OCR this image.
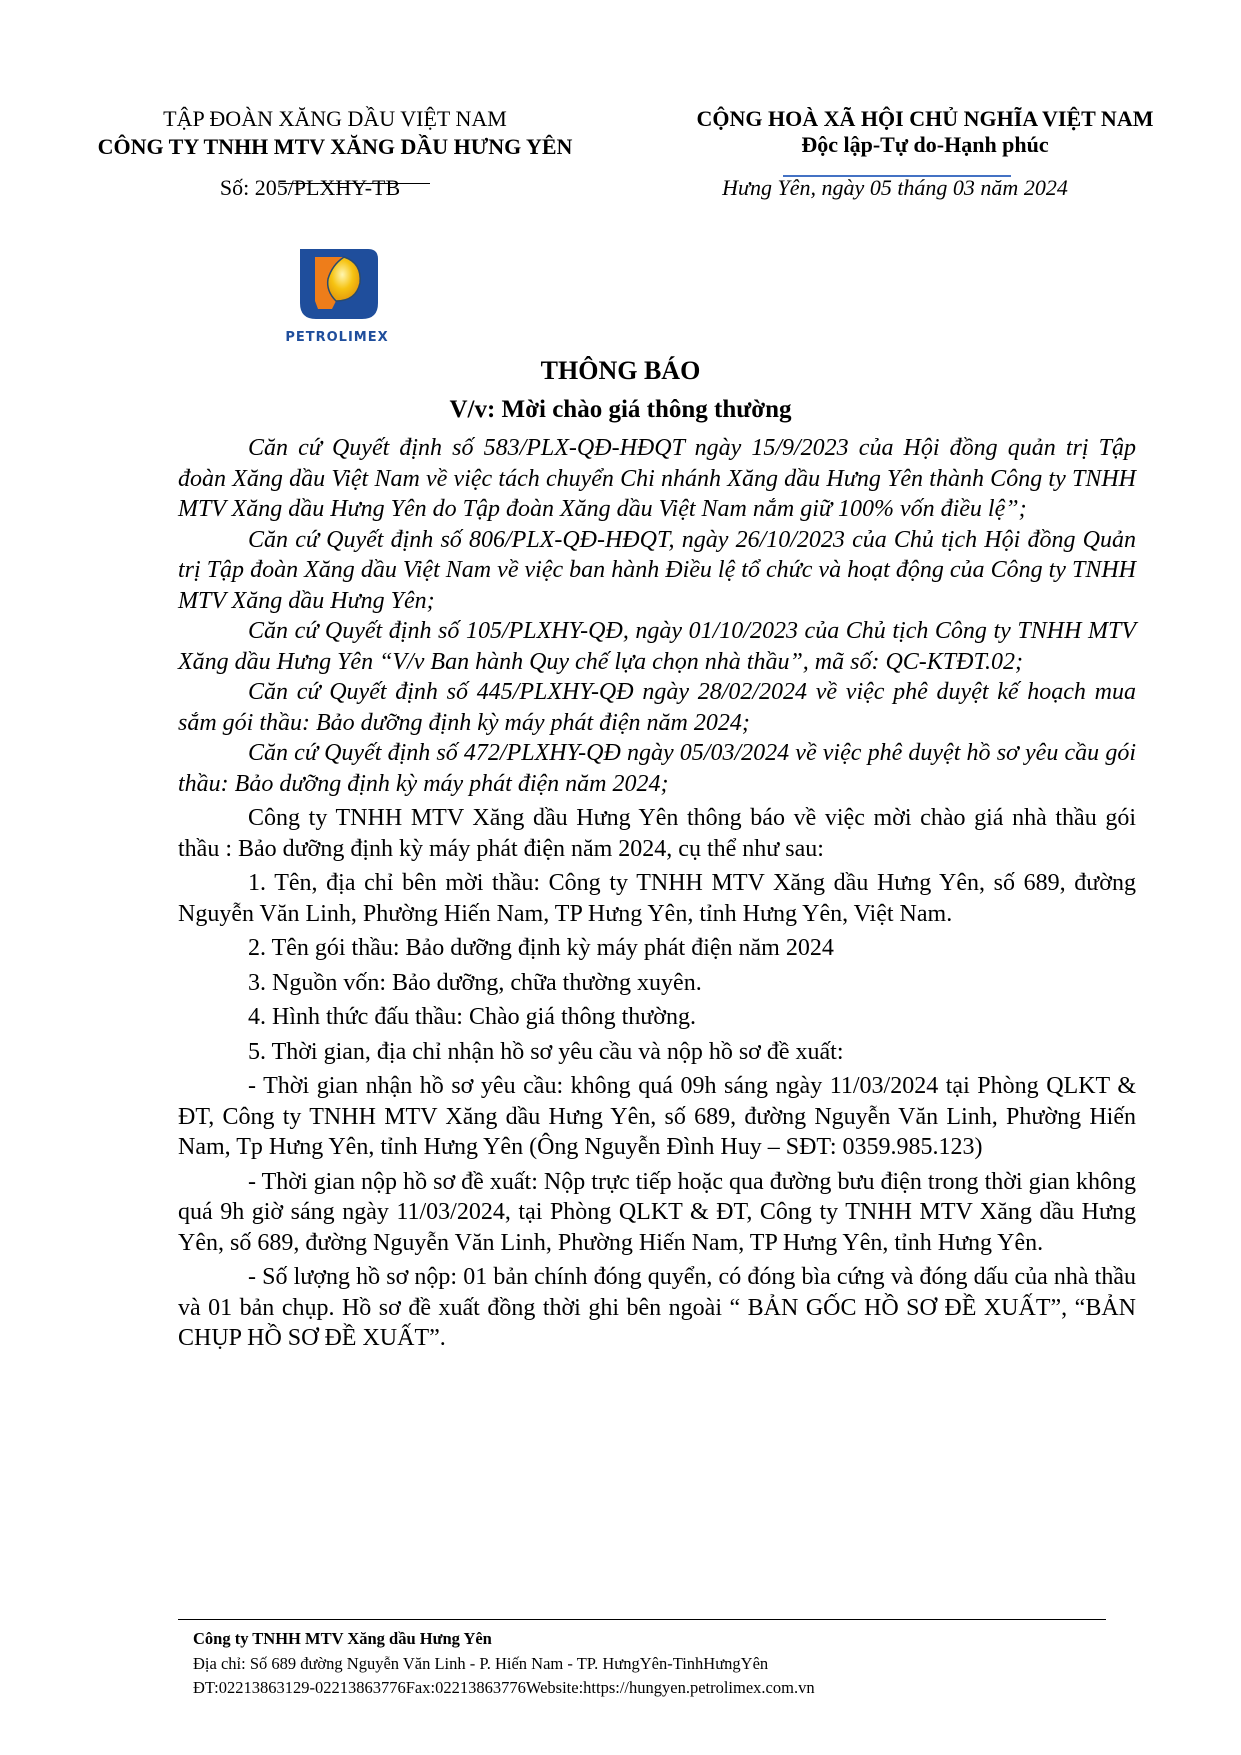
TẬP ĐOÀN XĂNG DẦU VIỆT NAM
CÔNG TY TNHH MTV XĂNG DẦU HƯNG YÊN
Số: 205/PLXHY-TB
CỘNG HOÀ XÃ HỘI CHỦ NGHĨA VIỆT NAM
Độc lập-Tự do-Hạnh phúc
Hưng Yên, ngày 05 tháng 03 năm 2024
PETROLIMEX
THÔNG BÁO
V/v: Mời chào giá thông thường

Căn cứ Quyết định số 583/PLX-QĐ-HĐQT ngày 15/9/2023 của Hội đồng quản trị Tập đoàn Xăng dầu Việt Nam về việc tách chuyển Chi nhánh Xăng dầu Hưng Yên thành Công ty TNHH MTV Xăng dầu Hưng Yên do Tập đoàn Xăng dầu Việt Nam nắm giữ 100% vốn điều lệ”;

Căn cứ Quyết định số 806/PLX-QĐ-HĐQT, ngày 26/10/2023 của Chủ tịch Hội đồng Quản trị Tập đoàn Xăng dầu Việt Nam về việc ban hành Điều lệ tổ chức và hoạt động của Công ty TNHH MTV Xăng dầu Hưng Yên;

Căn cứ Quyết định số 105/PLXHY-QĐ, ngày 01/10/2023 của Chủ tịch Công ty TNHH MTV Xăng dầu Hưng Yên “V/v Ban hành Quy chế lựa chọn nhà thầu”, mã số: QC-KTĐT.02;

Căn cứ Quyết định số 445/PLXHY-QĐ ngày 28/02/2024 về việc phê duyệt kế hoạch mua sắm gói thầu: Bảo dưỡng định kỳ máy phát điện năm 2024;

Căn cứ Quyết định số 472/PLXHY-QĐ ngày 05/03/2024 về việc phê duyệt hồ sơ yêu cầu gói thầu: Bảo dưỡng định kỳ máy phát điện năm 2024;

Công ty TNHH MTV Xăng dầu Hưng Yên thông báo về việc mời chào giá nhà thầu gói thầu : Bảo dưỡng định kỳ máy phát điện năm 2024, cụ thể như sau:

1. Tên, địa chỉ bên mời thầu: Công ty TNHH MTV Xăng dầu Hưng Yên, số 689, đường Nguyễn Văn Linh, Phường Hiến Nam, TP Hưng Yên, tỉnh Hưng Yên, Việt Nam.

2. Tên gói thầu: Bảo dưỡng định kỳ máy phát điện năm 2024

3. Nguồn vốn: Bảo dưỡng, chữa thường xuyên.

4. Hình thức đấu thầu: Chào giá thông thường.

5. Thời gian, địa chỉ nhận hồ sơ yêu cầu và nộp hồ sơ đề xuất:

- Thời gian nhận hồ sơ yêu cầu: không quá 09h sáng ngày 11/03/2024 tại Phòng QLKT & ĐT, Công ty TNHH MTV Xăng dầu Hưng Yên, số 689, đường Nguyễn Văn Linh, Phường Hiến Nam, Tp Hưng Yên, tỉnh Hưng Yên (Ông Nguyễn Đình Huy – SĐT: 0359.985.123)

- Thời gian nộp hồ sơ đề xuất: Nộp trực tiếp hoặc qua đường bưu điện trong thời gian không quá 9h giờ sáng ngày 11/03/2024, tại Phòng QLKT & ĐT, Công ty TNHH MTV Xăng dầu Hưng Yên, số 689, đường Nguyễn Văn Linh, Phường Hiến Nam, TP Hưng Yên, tỉnh Hưng Yên.

- Số lượng hồ sơ nộp: 01 bản chính đóng quyển, có đóng bìa cứng và đóng dấu của nhà thầu và 01 bản chụp. Hồ sơ đề xuất đồng thời ghi bên ngoài “ BẢN GỐC HỒ SƠ ĐỀ XUẤT”, “BẢN CHỤP HỒ SƠ ĐỀ XUẤT”.

Công ty TNHH MTV Xăng dầu Hưng Yên
Địa chỉ: Số 689 đường Nguyễn Văn Linh - P. Hiến Nam - TP. HưngYên-TinhHưngYên
ĐT:02213863129-02213863776Fax:02213863776Website:https://hungyen.petrolimex.com.vn
